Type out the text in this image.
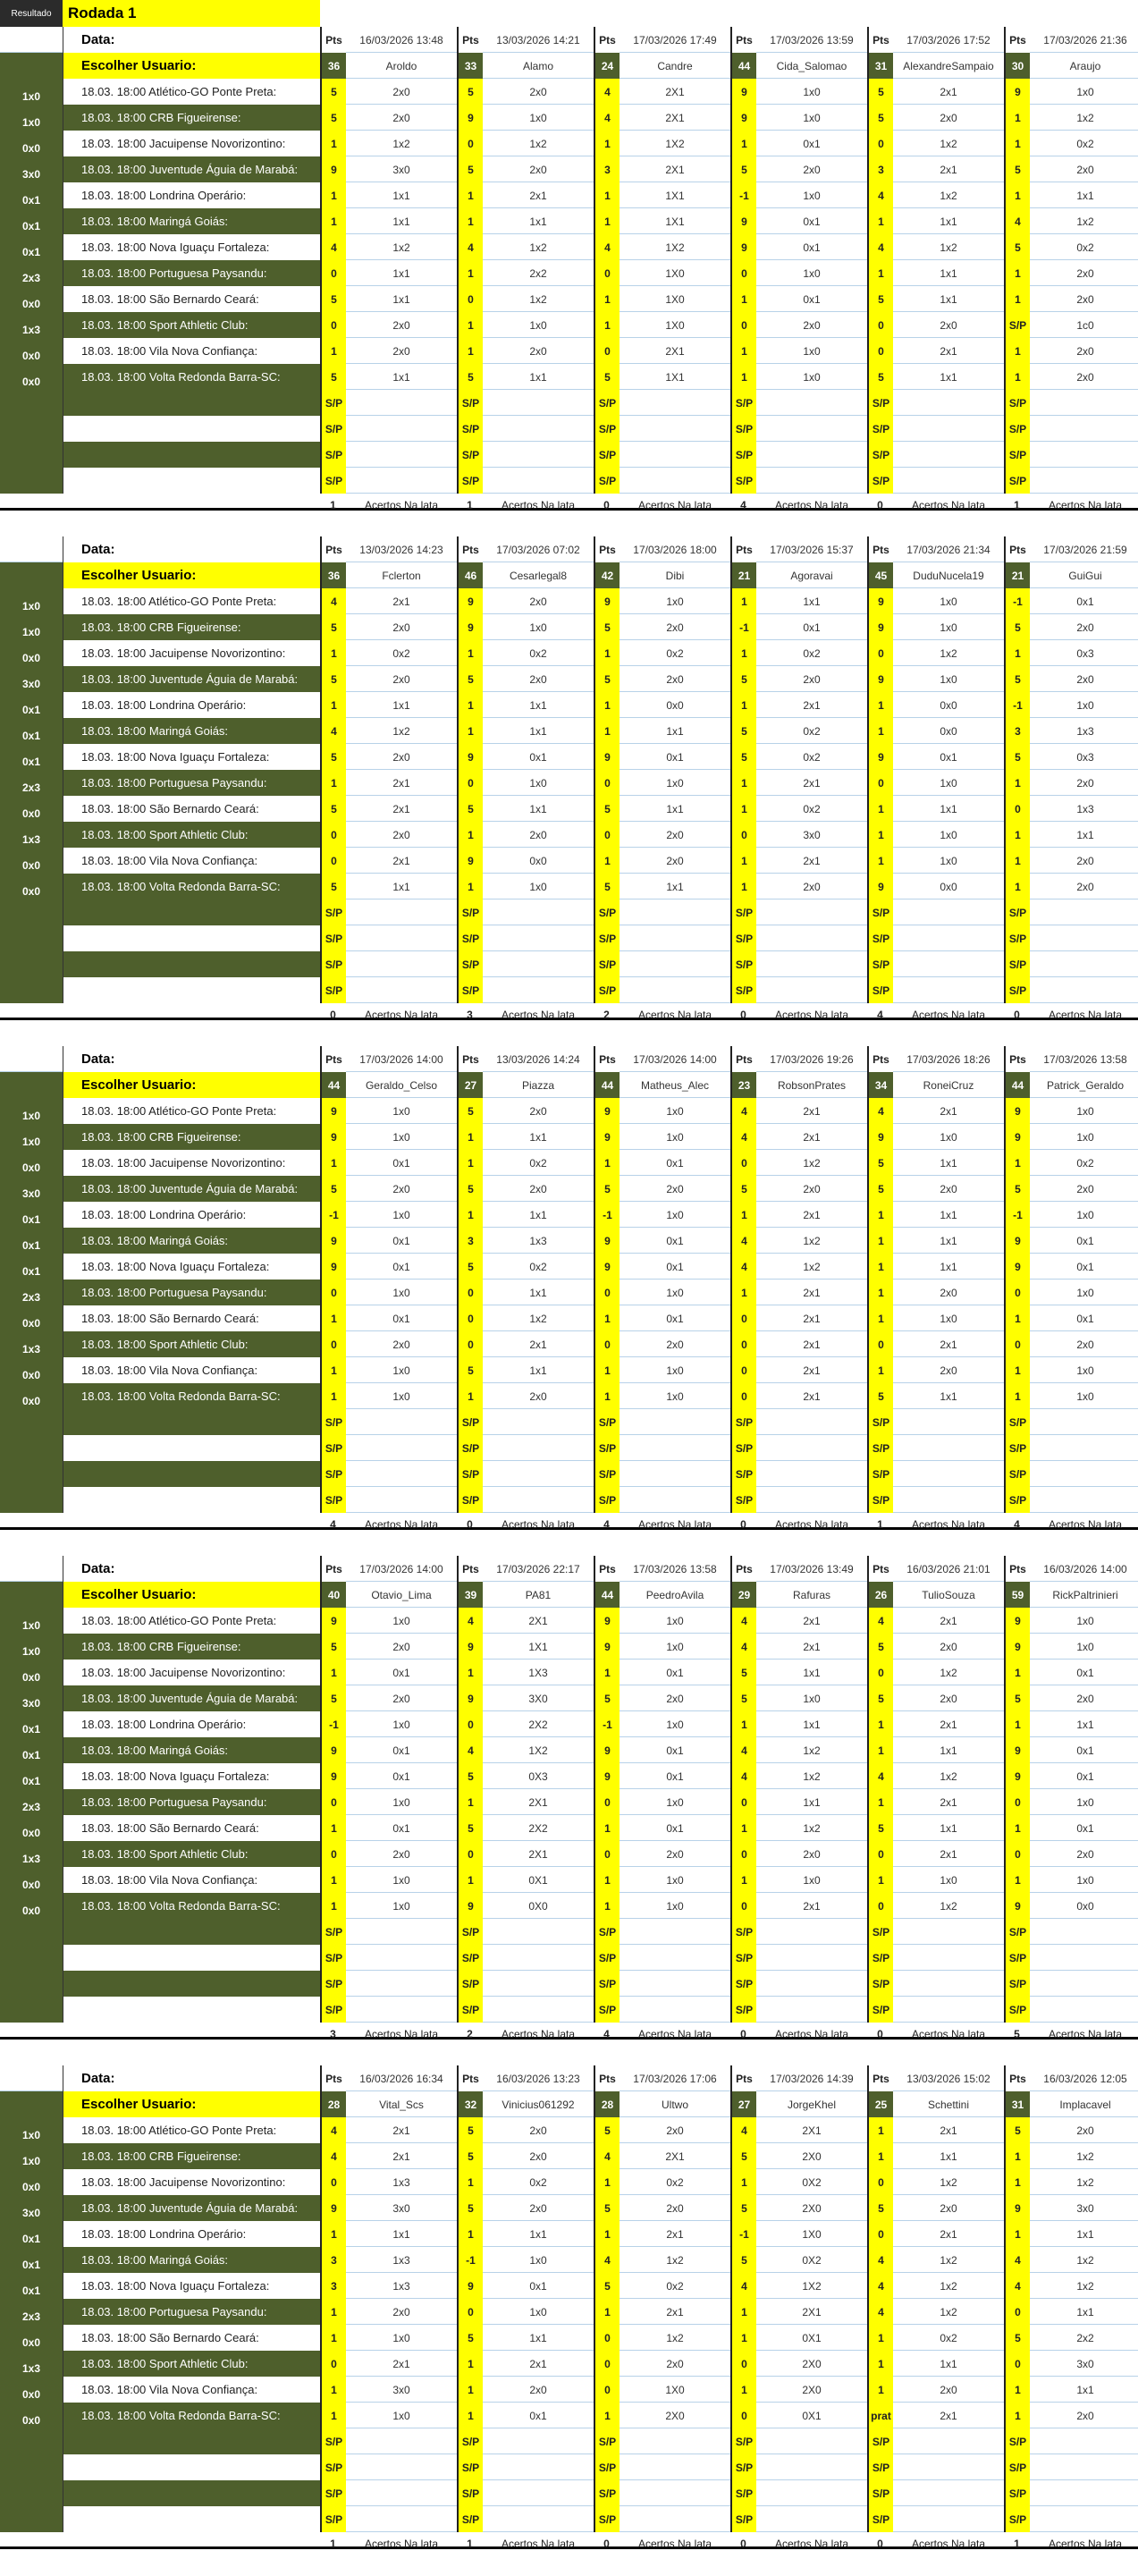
Resultado	Rodada 1
Data:	Pts	16/03/2026 13:48	Pts	13/03/2026 14:21	Pts	17/03/2026 17:49	Pts	17/03/2026 13:59	Pts	17/03/2026 17:52	Pts	17/03/2026 21:36
Escolher Usuario:	36	Aroldo	33	Alamo	24	Candre	44	Cida_Salomao	31	AlexandreSampaio	30	Araujo
1x0	18.03. 18:00 Atlético-GO Ponte Preta:	5	2x0	5	2x0	4	2X1	9	1x0	5	2x1	9	1x0
1x0	18.03. 18:00 CRB Figueirense:	5	2x0	9	1x0	4	2X1	9	1x0	5	2x0	1	1x2
0x0	18.03. 18:00 Jacuipense Novorizontino:	1	1x2	0	1x2	1	1X2	1	0x1	0	1x2	1	0x2
3x0	18.03. 18:00 Juventude Águia de Marabá:	9	3x0	5	2x0	3	2X1	5	2x0	3	2x1	5	2x0
0x1	18.03. 18:00 Londrina Operário:	1	1x1	1	2x1	1	1X1	-1	1x0	4	1x2	1	1x1
0x1	18.03. 18:00 Maringá Goiás:	1	1x1	1	1x1	1	1X1	9	0x1	1	1x1	4	1x2
0x1	18.03. 18:00 Nova Iguaçu Fortaleza:	4	1x2	4	1x2	4	1X2	9	0x1	4	1x2	5	0x2
2x3	18.03. 18:00 Portuguesa Paysandu:	0	1x1	1	2x2	0	1X0	0	1x0	1	1x1	1	2x0
0x0	18.03. 18:00 São Bernardo Ceará:	5	1x1	0	1x2	1	1X0	1	0x1	5	1x1	1	2x0
1x3	18.03. 18:00 Sport Athletic Club:	0	2x0	1	1x0	1	1X0	0	2x0	0	2x0	S/P	1c0
0x0	18.03. 18:00 Vila Nova Confiança:	1	2x0	1	2x0	0	2X1	1	1x0	0	2x1	1	2x0
0x0	18.03. 18:00 Volta Redonda Barra-SC:	5	1x1	5	1x1	5	1X1	1	1x0	5	1x1	1	2x0
S/P	S/P	S/P	S/P	S/P	S/P
S/P	S/P	S/P	S/P	S/P	S/P
S/P	S/P	S/P	S/P	S/P	S/P
S/P	S/P	S/P	S/P	S/P	S/P
1	Acertos Na lata	1	Acertos Na lata	0	Acertos Na lata	4	Acertos Na lata	0	Acertos Na lata	1	Acertos Na lata
Data:	Pts	13/03/2026 14:23	Pts	17/03/2026 07:02	Pts	17/03/2026 18:00	Pts	17/03/2026 15:37	Pts	17/03/2026 21:34	Pts	17/03/2026 21:59
Escolher Usuario:	36	Fclerton	46	Cesarlegal8	42	Dibi	21	Agoravai	45	DuduNucela19	21	GuiGui
1x0	18.03. 18:00 Atlético-GO Ponte Preta:	4	2x1	9	2x0	9	1x0	1	1x1	9	1x0	-1	0x1
1x0	18.03. 18:00 CRB Figueirense:	5	2x0	9	1x0	5	2x0	-1	0x1	9	1x0	5	2x0
0x0	18.03. 18:00 Jacuipense Novorizontino:	1	0x2	1	0x2	1	0x2	1	0x2	0	1x2	1	0x3
3x0	18.03. 18:00 Juventude Águia de Marabá:	5	2x0	5	2x0	5	2x0	5	2x0	9	1x0	5	2x0
0x1	18.03. 18:00 Londrina Operário:	1	1x1	1	1x1	1	0x0	1	2x1	1	0x0	-1	1x0
0x1	18.03. 18:00 Maringá Goiás:	4	1x2	1	1x1	1	1x1	5	0x2	1	0x0	3	1x3
0x1	18.03. 18:00 Nova Iguaçu Fortaleza:	5	2x0	9	0x1	9	0x1	5	0x2	9	0x1	5	0x3
2x3	18.03. 18:00 Portuguesa Paysandu:	1	2x1	0	1x0	0	1x0	1	2x1	0	1x0	1	2x0
0x0	18.03. 18:00 São Bernardo Ceará:	5	2x1	5	1x1	5	1x1	1	0x2	1	1x1	0	1x3
1x3	18.03. 18:00 Sport Athletic Club:	0	2x0	1	2x0	0	2x0	0	3x0	1	1x0	1	1x1
0x0	18.03. 18:00 Vila Nova Confiança:	0	2x1	9	0x0	1	2x0	1	2x1	1	1x0	1	2x0
0x0	18.03. 18:00 Volta Redonda Barra-SC:	5	1x1	1	1x0	5	1x1	1	2x0	9	0x0	1	2x0
S/P	S/P	S/P	S/P	S/P	S/P
S/P	S/P	S/P	S/P	S/P	S/P
S/P	S/P	S/P	S/P	S/P	S/P
S/P	S/P	S/P	S/P	S/P	S/P
0	Acertos Na lata	3	Acertos Na lata	2	Acertos Na lata	0	Acertos Na lata	4	Acertos Na lata	0	Acertos Na lata
Data:	Pts	17/03/2026 14:00	Pts	13/03/2026 14:24	Pts	17/03/2026 14:00	Pts	17/03/2026 19:26	Pts	17/03/2026 18:26	Pts	17/03/2026 13:58
Escolher Usuario:	44	Geraldo_Celso	27	Piazza	44	Matheus_Alec	23	RobsonPrates	34	RoneiCruz	44	Patrick_Geraldo
1x0	18.03. 18:00 Atlético-GO Ponte Preta:	9	1x0	5	2x0	9	1x0	4	2x1	4	2x1	9	1x0
1x0	18.03. 18:00 CRB Figueirense:	9	1x0	1	1x1	9	1x0	4	2x1	9	1x0	9	1x0
0x0	18.03. 18:00 Jacuipense Novorizontino:	1	0x1	1	0x2	1	0x1	0	1x2	5	1x1	1	0x2
3x0	18.03. 18:00 Juventude Águia de Marabá:	5	2x0	5	2x0	5	2x0	5	2x0	5	2x0	5	2x0
0x1	18.03. 18:00 Londrina Operário:	-1	1x0	1	1x1	-1	1x0	1	2x1	1	1x1	-1	1x0
0x1	18.03. 18:00 Maringá Goiás:	9	0x1	3	1x3	9	0x1	4	1x2	1	1x1	9	0x1
0x1	18.03. 18:00 Nova Iguaçu Fortaleza:	9	0x1	5	0x2	9	0x1	4	1x2	1	1x1	9	0x1
2x3	18.03. 18:00 Portuguesa Paysandu:	0	1x0	0	1x1	0	1x0	1	2x1	1	2x0	0	1x0
0x0	18.03. 18:00 São Bernardo Ceará:	1	0x1	0	1x2	1	0x1	0	2x1	1	1x0	1	0x1
1x3	18.03. 18:00 Sport Athletic Club:	0	2x0	0	2x1	0	2x0	0	2x1	0	2x1	0	2x0
0x0	18.03. 18:00 Vila Nova Confiança:	1	1x0	5	1x1	1	1x0	0	2x1	1	2x0	1	1x0
0x0	18.03. 18:00 Volta Redonda Barra-SC:	1	1x0	1	2x0	1	1x0	0	2x1	5	1x1	1	1x0
S/P	S/P	S/P	S/P	S/P	S/P
S/P	S/P	S/P	S/P	S/P	S/P
S/P	S/P	S/P	S/P	S/P	S/P
S/P	S/P	S/P	S/P	S/P	S/P
4	Acertos Na lata	0	Acertos Na lata	4	Acertos Na lata	0	Acertos Na lata	1	Acertos Na lata	4	Acertos Na lata
Data:	Pts	17/03/2026 14:00	Pts	17/03/2026 22:17	Pts	17/03/2026 13:58	Pts	17/03/2026 13:49	Pts	16/03/2026 21:01	Pts	16/03/2026 14:00
Escolher Usuario:	40	Otavio_Lima	39	PA81	44	PeedroAvila	29	Rafuras	26	TulioSouza	59	RickPaltrinieri
1x0	18.03. 18:00 Atlético-GO Ponte Preta:	9	1x0	4	2X1	9	1x0	4	2x1	4	2x1	9	1x0
1x0	18.03. 18:00 CRB Figueirense:	5	2x0	9	1X1	9	1x0	4	2x1	5	2x0	9	1x0
0x0	18.03. 18:00 Jacuipense Novorizontino:	1	0x1	1	1X3	1	0x1	5	1x1	0	1x2	1	0x1
3x0	18.03. 18:00 Juventude Águia de Marabá:	5	2x0	9	3X0	5	2x0	5	1x0	5	2x0	5	2x0
0x1	18.03. 18:00 Londrina Operário:	-1	1x0	0	2X2	-1	1x0	1	1x1	1	2x1	1	1x1
0x1	18.03. 18:00 Maringá Goiás:	9	0x1	4	1X2	9	0x1	4	1x2	1	1x1	9	0x1
0x1	18.03. 18:00 Nova Iguaçu Fortaleza:	9	0x1	5	0X3	9	0x1	4	1x2	4	1x2	9	0x1
2x3	18.03. 18:00 Portuguesa Paysandu:	0	1x0	1	2X1	0	1x0	0	1x1	1	2x1	0	1x0
0x0	18.03. 18:00 São Bernardo Ceará:	1	0x1	5	2X2	1	0x1	1	1x2	5	1x1	1	0x1
1x3	18.03. 18:00 Sport Athletic Club:	0	2x0	0	2X1	0	2x0	0	2x0	0	2x1	0	2x0
0x0	18.03. 18:00 Vila Nova Confiança:	1	1x0	1	0X1	1	1x0	1	1x0	1	1x0	1	1x0
0x0	18.03. 18:00 Volta Redonda Barra-SC:	1	1x0	9	0X0	1	1x0	0	2x1	0	1x2	9	0x0
S/P	S/P	S/P	S/P	S/P	S/P
S/P	S/P	S/P	S/P	S/P	S/P
S/P	S/P	S/P	S/P	S/P	S/P
S/P	S/P	S/P	S/P	S/P	S/P
3	Acertos Na lata	2	Acertos Na lata	4	Acertos Na lata	0	Acertos Na lata	0	Acertos Na lata	5	Acertos Na lata
Data:	Pts	16/03/2026 16:34	Pts	16/03/2026 13:23	Pts	17/03/2026 17:06	Pts	17/03/2026 14:39	Pts	13/03/2026 15:02	Pts	16/03/2026 12:05
Escolher Usuario:	28	Vital_Scs	32	Vinicius061292	28	Ultwo	27	JorgeKhel	25	Schettini	31	Implacavel
1x0	18.03. 18:00 Atlético-GO Ponte Preta:	4	2x1	5	2x0	5	2x0	4	2X1	1	2x1	5	2x0
1x0	18.03. 18:00 CRB Figueirense:	4	2x1	5	2x0	4	2X1	5	2X0	1	1x1	1	1x2
0x0	18.03. 18:00 Jacuipense Novorizontino:	0	1x3	1	0x2	1	0x2	1	0X2	0	1x2	1	1x2
3x0	18.03. 18:00 Juventude Águia de Marabá:	9	3x0	5	2x0	5	2x0	5	2X0	5	2x0	9	3x0
0x1	18.03. 18:00 Londrina Operário:	1	1x1	1	1x1	1	2x1	-1	1X0	0	2x1	1	1x1
0x1	18.03. 18:00 Maringá Goiás:	3	1x3	-1	1x0	4	1x2	5	0X2	4	1x2	4	1x2
0x1	18.03. 18:00 Nova Iguaçu Fortaleza:	3	1x3	9	0x1	5	0x2	4	1X2	4	1x2	4	1x2
2x3	18.03. 18:00 Portuguesa Paysandu:	1	2x0	0	1x0	1	2x1	1	2X1	4	1x2	0	1x1
0x0	18.03. 18:00 São Bernardo Ceará:	1	1x0	5	1x1	0	1x2	1	0X1	1	0x2	5	2x2
1x3	18.03. 18:00 Sport Athletic Club:	0	2x1	1	2x1	0	2x0	0	2X0	1	1x1	0	3x0
0x0	18.03. 18:00 Vila Nova Confiança:	1	3x0	1	2x0	0	1X0	1	2X0	1	2x0	1	1x1
0x0	18.03. 18:00 Volta Redonda Barra-SC:	1	1x0	1	0x1	1	2X0	0	0X1	prat	2x1	1	2x0
S/P	S/P	S/P	S/P	S/P	S/P
S/P	S/P	S/P	S/P	S/P	S/P
S/P	S/P	S/P	S/P	S/P	S/P
S/P	S/P	S/P	S/P	S/P	S/P
1	Acertos Na lata	1	Acertos Na lata	0	Acertos Na lata	0	Acertos Na lata	0	Acertos Na lata	1	Acertos Na lata
